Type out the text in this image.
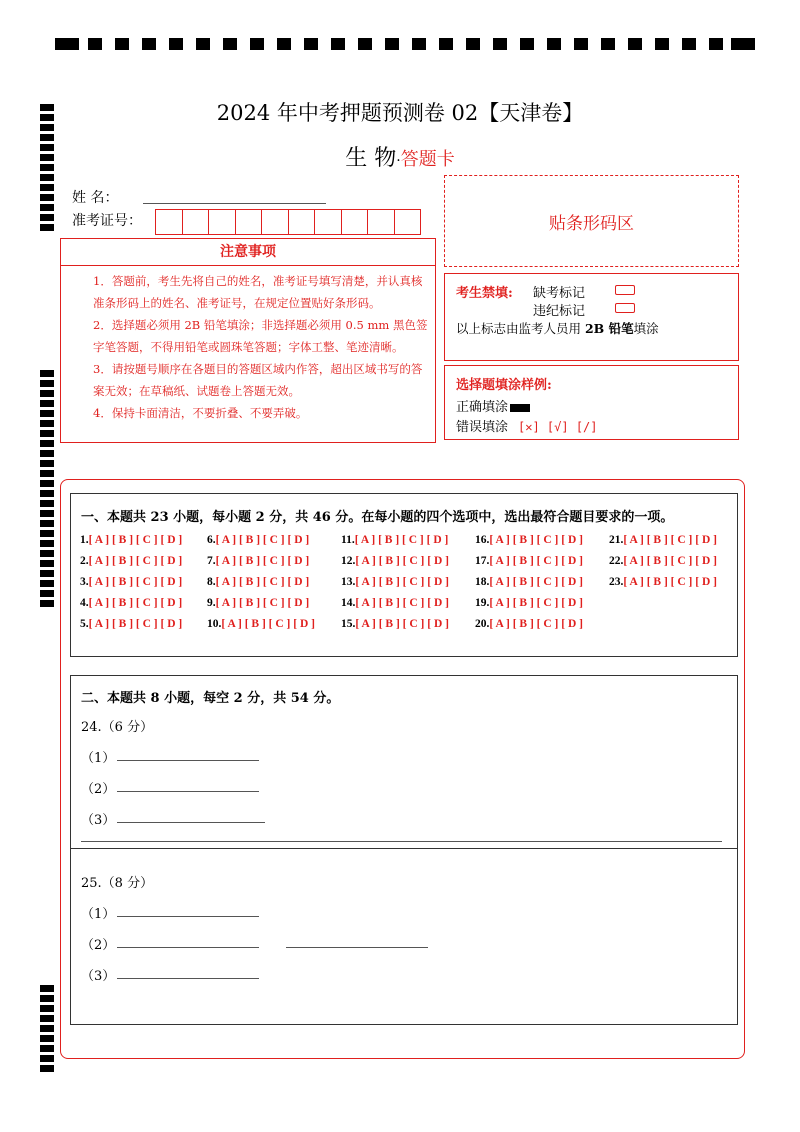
2024 年中考押题预测卷 02【天津卷】
生 物·答题卡
姓 名：
准考证号：
注意事项
1．答题前，考生先将自己的姓名，准考证号填写清楚，并认真核准条形码上的姓名、准考证号，在规定位置贴好条形码。
2．选择题必须用 2B 铅笔填涂；非选择题必须用 0.5 mm 黑色签字笔答题，不得用铅笔或圆珠笔答题；字体工整、笔迹清晰。
3．请按题号顺序在各题目的答题区域内作答，超出区域书写的答案无效；在草稿纸、试题卷上答题无效。
4．保持卡面清洁，不要折叠、不要弄破。
贴条形码区
考生禁填: 缺考标记
违纪标记
以上标志由监考人员用 2B 铅笔填涂
选择题填涂样例:
正确填涂
错误填涂 [✕] [√] [/]
一、本题共 23 小题，每小题 2 分，共 46 分。在每小题的四个选项中，选出最符合题目要求的一项。
1.[ A ] [ B ] [ C ] [ D ]
2.[ A ] [ B ] [ C ] [ D ]
3.[ A ] [ B ] [ C ] [ D ]
4.[ A ] [ B ] [ C ] [ D ]
5.[ A ] [ B ] [ C ] [ D ]
6.[ A ] [ B ] [ C ] [ D ]
7.[ A ] [ B ] [ C ] [ D ]
8.[ A ] [ B ] [ C ] [ D ]
9.[ A ] [ B ] [ C ] [ D ]
10.[ A ] [ B ] [ C ] [ D ]
11.[ A ] [ B ] [ C ] [ D ]
12.[ A ] [ B ] [ C ] [ D ]
13.[ A ] [ B ] [ C ] [ D ]
14.[ A ] [ B ] [ C ] [ D ]
15.[ A ] [ B ] [ C ] [ D ]
16.[ A ] [ B ] [ C ] [ D ]
17.[ A ] [ B ] [ C ] [ D ]
18.[ A ] [ B ] [ C ] [ D ]
19.[ A ] [ B ] [ C ] [ D ]
20.[ A ] [ B ] [ C ] [ D ]
21.[ A ] [ B ] [ C ] [ D ]
22.[ A ] [ B ] [ C ] [ D ]
23.[ A ] [ B ] [ C ] [ D ]
二、本题共 8 小题，每空 2 分，共 54 分。
24.（6 分）
（1）
（2）
（3）
25.（8 分）
（1）
（2）
（3）
